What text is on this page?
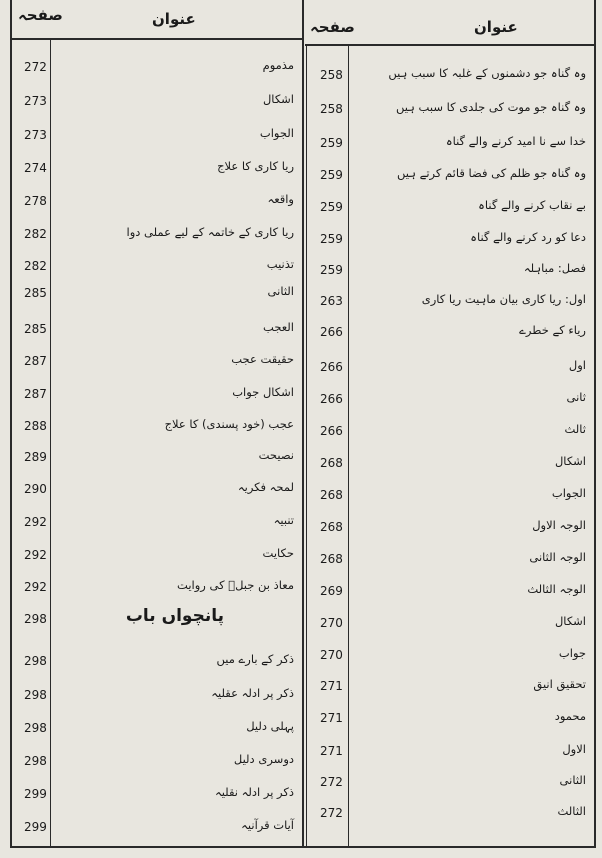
صفحہ	عنوان	صفحہ	عنوان
272	مذموم
273	اشکال
273	الجواب
274	ریا کاری کا علاج
278	واقعہ
282	ریا کاری کے خاتمہ کے لیے عملی دوا
282	تذنیب
285	الثانی
285	العجب
287	حقیقت عجب
287	اشکال جواب
288	عجب (خود پسندی) کا علاج
289	نصیحت
290	لمحہ فکریہ
292	تنبیہ
292	حکایت
292	معاذ بن جبلؓ کی روایت
298	پانچواں باب
298	ذکر کے بارے میں
298	ذکر پر ادلہ عقلیہ
298	پہلی دلیل
298	دوسری دلیل
299	ذکر پر ادلہ نقلیہ
299	آیات قرآنیہ
258	وہ گناہ جو دشمنوں کے غلبہ کا سبب ہیں
258	وہ گناہ جو موت کی جلدی کا سبب ہیں
259	خدا سے نا امید کرنے والے گناہ
259	وہ گناہ جو ظلم کی فضا قائم کرتے ہیں
259	بے نقاب کرنے والے گناہ
259	دعا کو رد کرنے والے گناہ
259	فصل: مباہلہ
263	اول: ریا کاری بیان ماہیت ریا کاری
266	ریاء کے خطرے
266	اول
266	ثانی
266	ثالث
268	اشکال
268	الجواب
268	الوجہ الاول
268	الوجہ الثانی
269	الوجہ الثالث
270	اشکال
270	جواب
271	تحقیق انیق
271	محمود
271	الاول
272	الثانی
272	الثالث
